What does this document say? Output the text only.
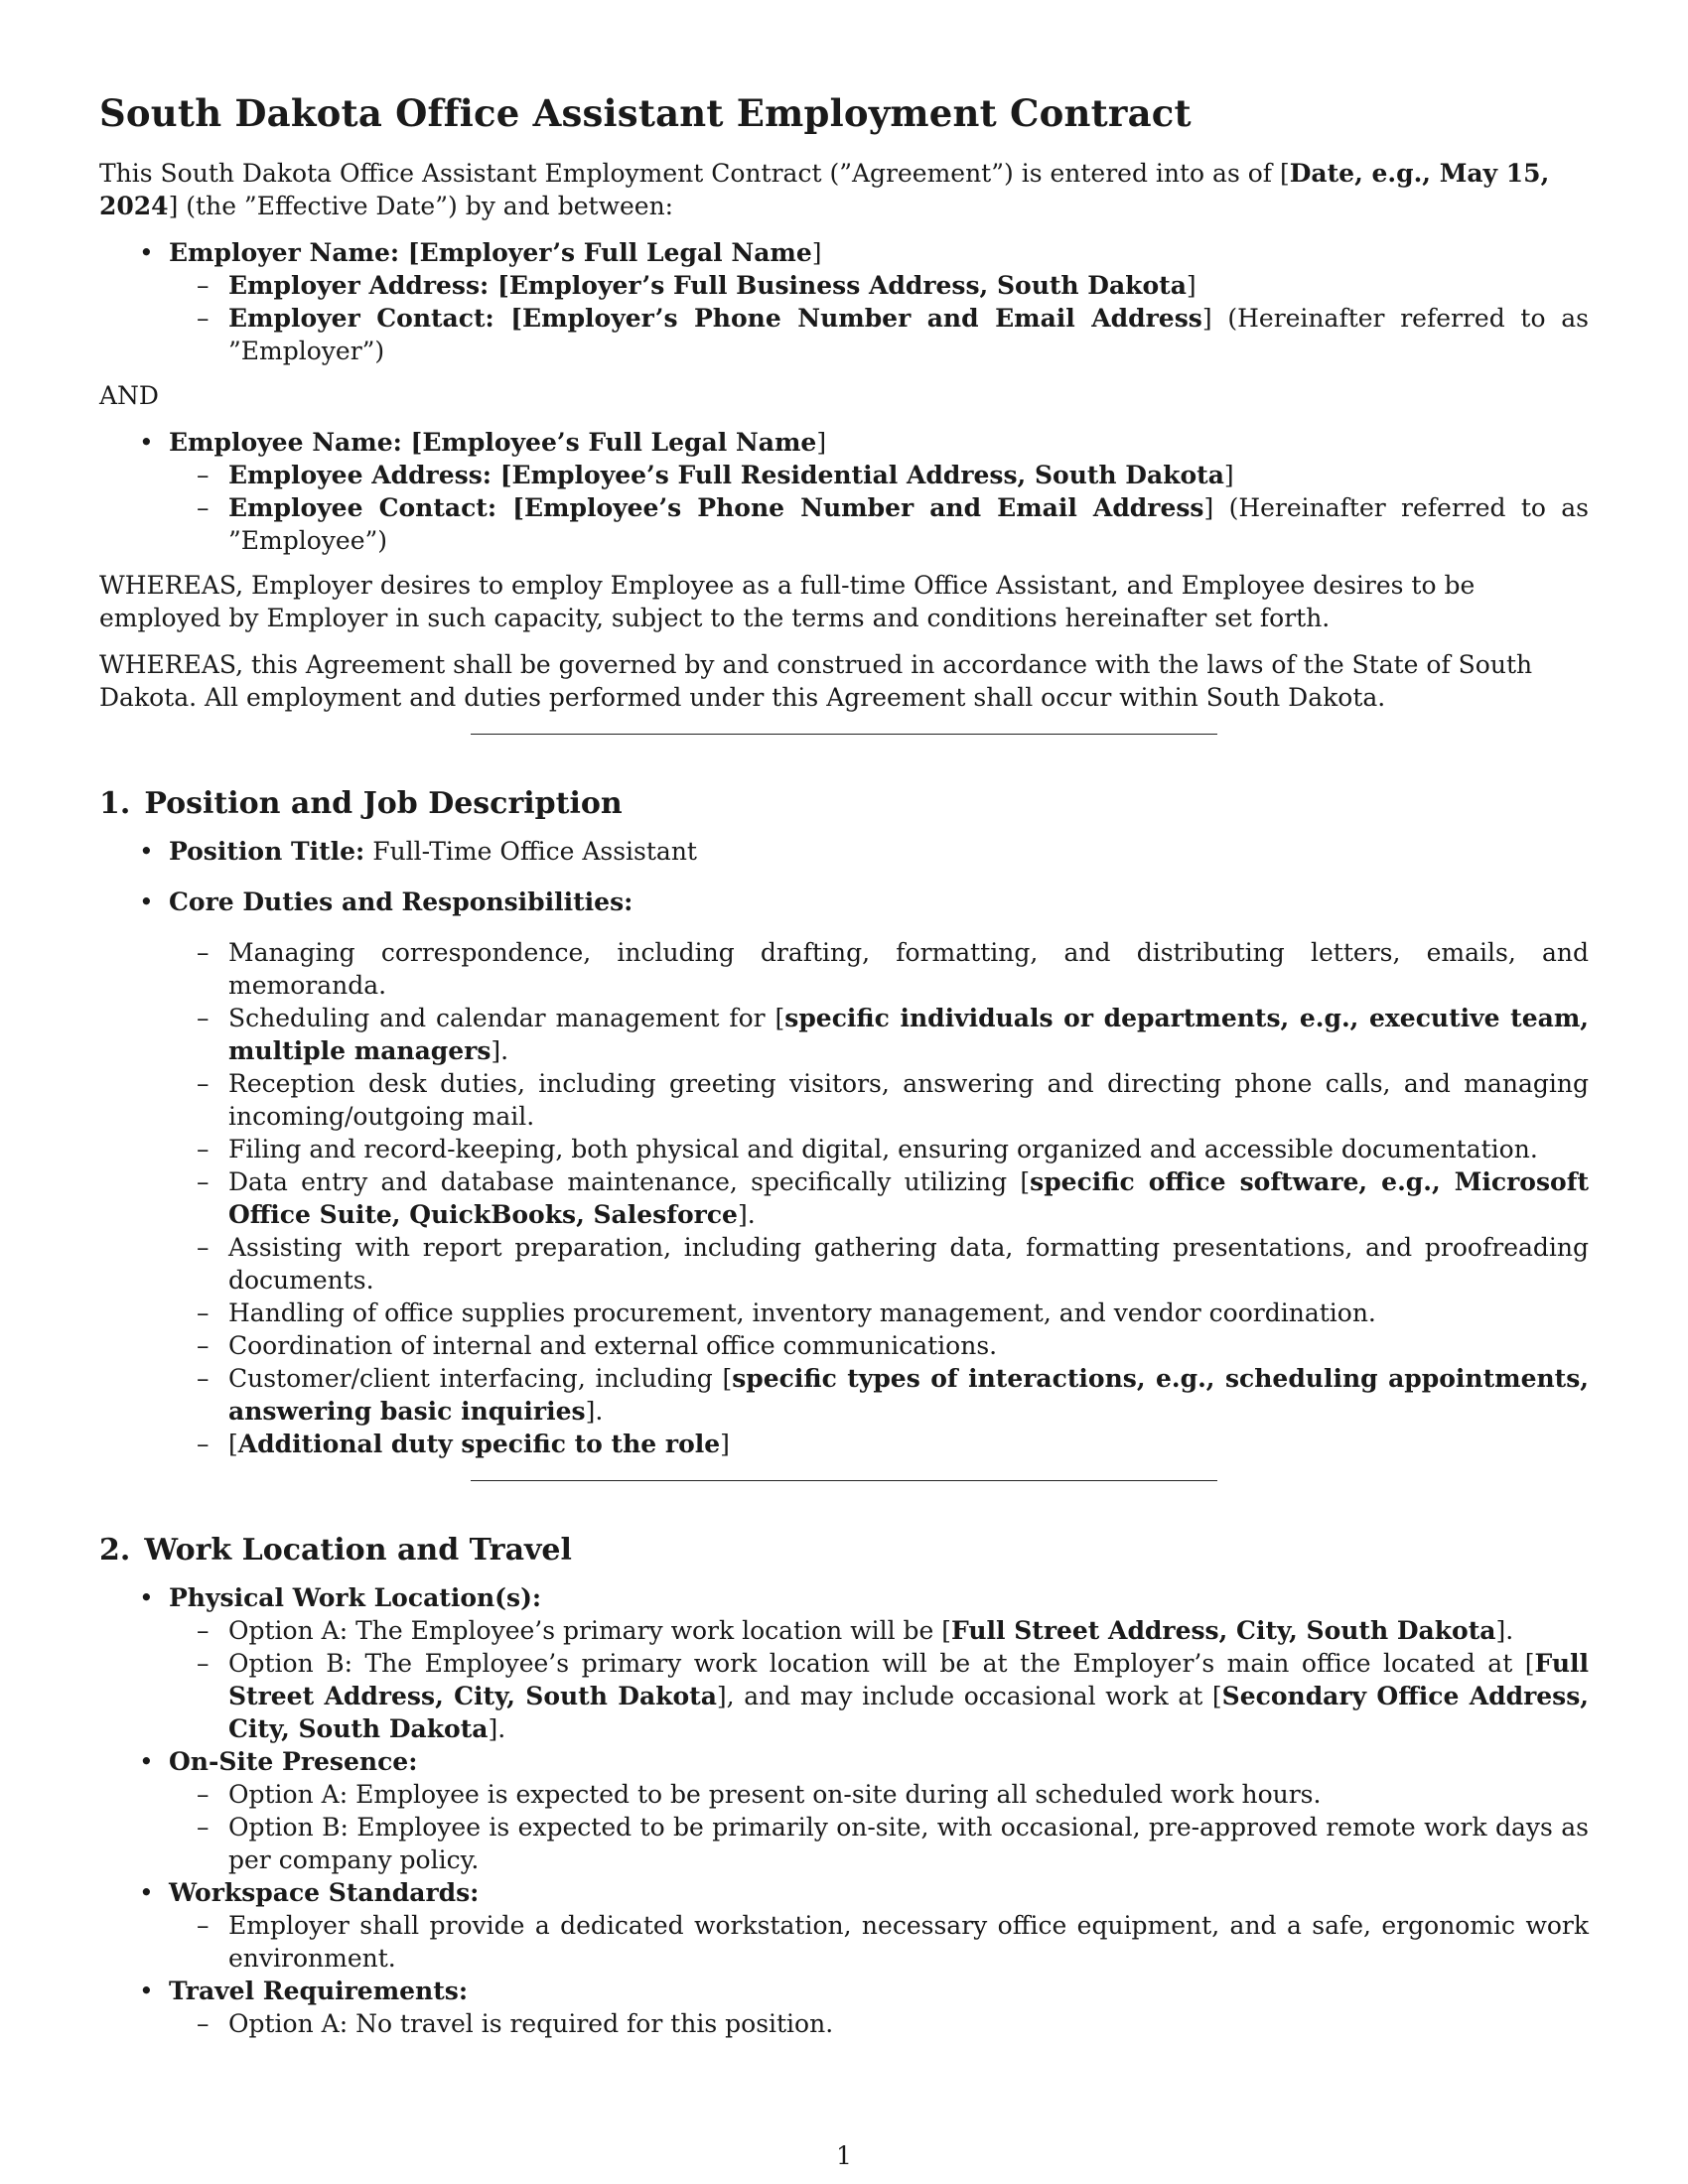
South Dakota Office Assistant Employment Contract

This South Dakota Office Assistant Employment Contract (”Agreement”) is entered into as of [Date, e.g., May 15, 2024] (the ”Effective Date”) by and between:

• Employer Name: [Employer’s Full Legal Name]
– Employer Address: [Employer’s Full Business Address, South Dakota]
– Employer Contact: [Employer’s Phone Number and Email Address] (Hereinafter referred to as ”Employer”)
AND
• Employee Name: [Employee’s Full Legal Name]
– Employee Address: [Employee’s Full Residential Address, South Dakota]
– Employee Contact: [Employee’s Phone Number and Email Address] (Hereinafter referred to as ”Employee”)

WHEREAS, Employer desires to employ Employee as a full-time Office Assistant, and Employee desires to be employed by Employer in such capacity, subject to the terms and conditions hereinafter set forth.

WHEREAS, this Agreement shall be governed by and construed in accordance with the laws of the State of South Dakota. All employment and duties performed under this Agreement shall occur within South Dakota.

1. Position and Job Description
• Position Title: Full-Time Office Assistant
• Core Duties and Responsibilities:
– Managing correspondence, including drafting, formatting, and distributing letters, emails, and memoranda.
– Scheduling and calendar management for [specific individuals or departments, e.g., executive team, multiple managers].
– Reception desk duties, including greeting visitors, answering and directing phone calls, and managing incoming/outgoing mail.
– Filing and record-keeping, both physical and digital, ensuring organized and accessible documentation.
– Data entry and database maintenance, specifically utilizing [specific office software, e.g., Microsoft Office Suite, QuickBooks, Salesforce].
– Assisting with report preparation, including gathering data, formatting presentations, and proofreading documents.
– Handling of office supplies procurement, inventory management, and vendor coordination.
– Coordination of internal and external office communications.
– Customer/client interfacing, including [specific types of interactions, e.g., scheduling appointments, answering basic inquiries].
– [Additional duty specific to the role]
2. Work Location and Travel
• Physical Work Location(s):
– Option A: The Employee’s primary work location will be [Full Street Address, City, South Dakota].
– Option B: The Employee’s primary work location will be at the Employer’s main office located at [Full Street Address, City, South Dakota], and may include occasional work at [Secondary Office Address, City, South Dakota].
• On-Site Presence:
– Option A: Employee is expected to be present on-site during all scheduled work hours.
– Option B: Employee is expected to be primarily on-site, with occasional, pre-approved remote work days as per company policy.
• Workspace Standards:
– Employer shall provide a dedicated workstation, necessary office equipment, and a safe, ergonomic work environment.
• Travel Requirements:
– Option A: No travel is required for this position.
1
